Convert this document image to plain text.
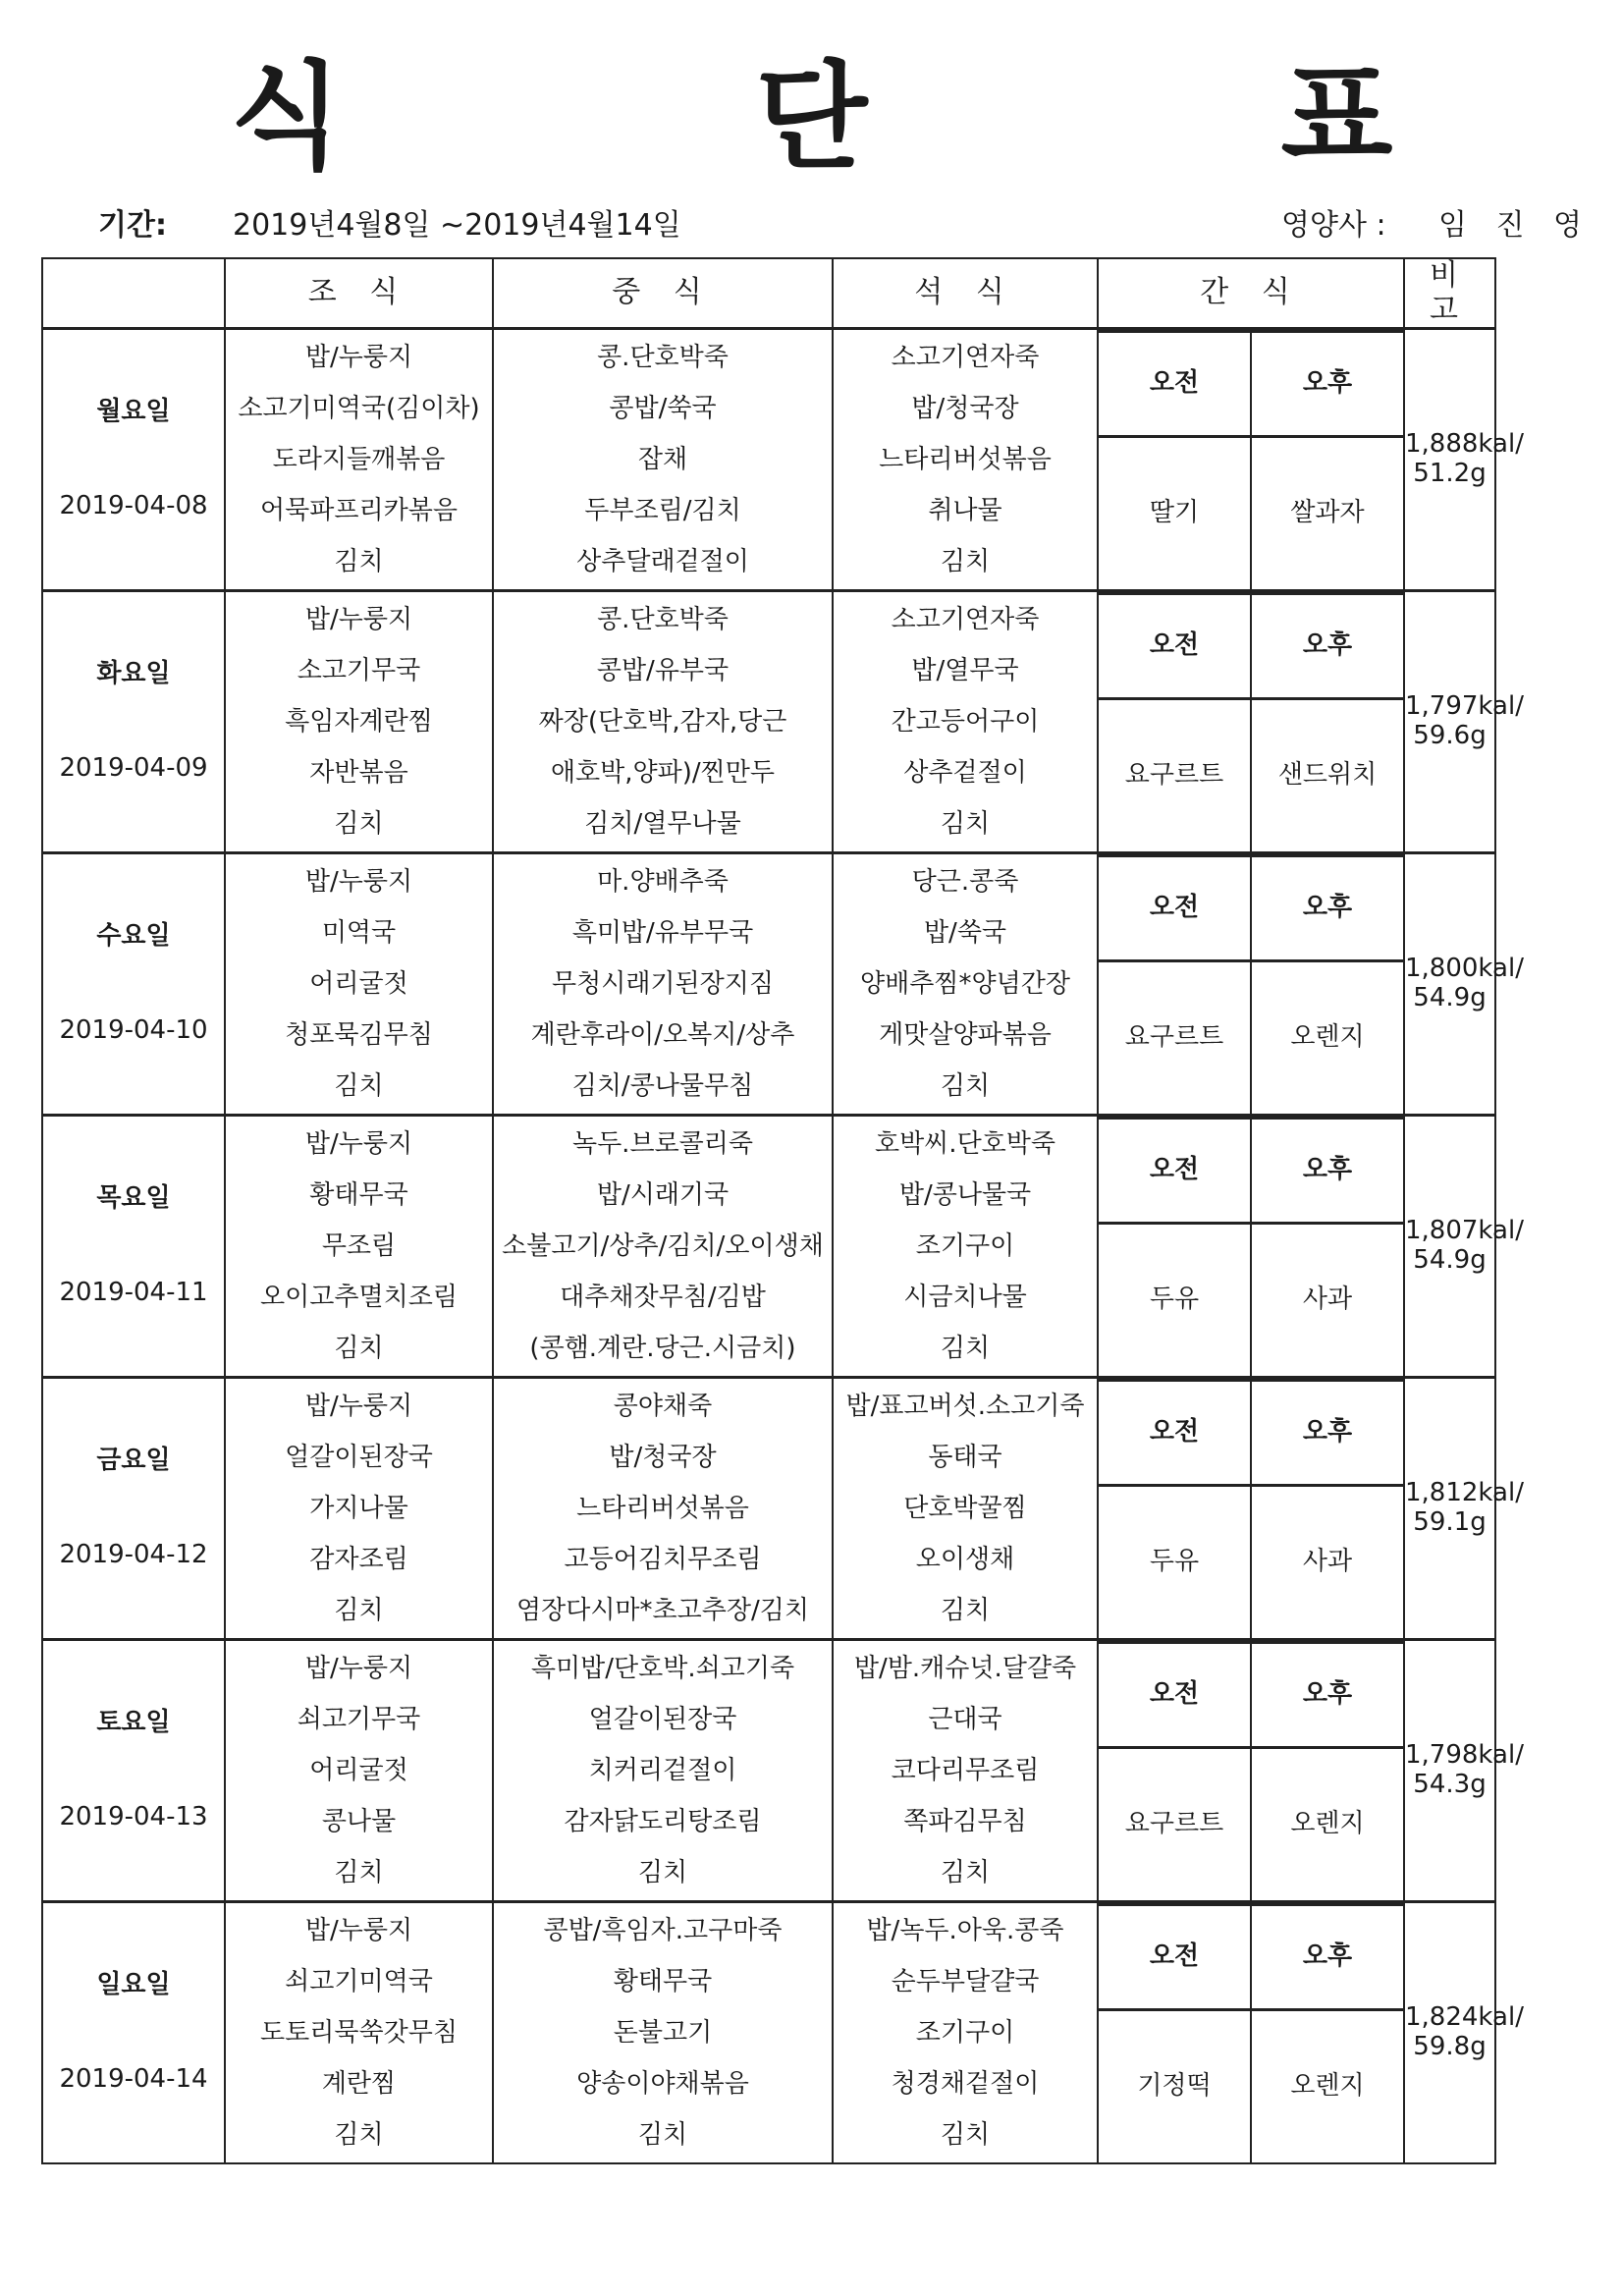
식 단 표
기간: 2019년4월8일 ~2019년4월14일	영양사 : 임 진 영
	조 식	중 식	석 식	간 식	비 고

월요일
2019-04-08

밥/누룽지
소고기미역국(김이차)
도라지들깨볶음
어묵파프리카볶음
김치

콩.단호박죽
콩밥/쑥국
잡채
두부조림/김치
상추달래겉절이

소고기연자죽
밥/청국장
느타리버섯볶음
취나물
김치

오전	오후
딸기	쌀과자
	1,888kal/
51.2g

화요일
2019-04-09

밥/누룽지
소고기무국
흑임자계란찜
자반볶음
김치

콩.단호박죽
콩밥/유부국
짜장(단호박,감자,당근
애호박,양파)/찐만두
김치/열무나물

소고기연자죽
밥/열무국
간고등어구이
상추겉절이
김치

오전	오후
요구르트	샌드위치
	1,797kal/
59.6g

수요일
2019-04-10

밥/누룽지
미역국
어리굴젓
청포묵김무침
김치

마.양배추죽
흑미밥/유부무국
무청시래기된장지짐
계란후라이/오복지/상추
김치/콩나물무침

당근.콩죽
밥/쑥국
양배추찜*양념간장
게맛살양파볶음
김치

오전	오후
요구르트	오렌지
	1,800kal/
54.9g

목요일
2019-04-11

밥/누룽지
황태무국
무조림
오이고추멸치조림
김치

녹두.브로콜리죽
밥/시래기국
소불고기/상추/김치/오이생채
대추채잣무침/김밥
(콩햄.계란.당근.시금치)

호박씨.단호박죽
밥/콩나물국
조기구이
시금치나물
김치

오전	오후
두유	사과
	1,807kal/
54.9g

금요일
2019-04-12

밥/누룽지
얼갈이된장국
가지나물
감자조림
김치

콩야채죽
밥/청국장
느타리버섯볶음
고등어김치무조림
염장다시마*초고추장/김치

밥/표고버섯.소고기죽
동태국
단호박꿀찜
오이생채
김치

오전	오후
두유	사과
	1,812kal/
59.1g

토요일
2019-04-13

밥/누룽지
쇠고기무국
어리굴젓
콩나물
김치

흑미밥/단호박.쇠고기죽
얼갈이된장국
치커리겉절이
감자닭도리탕조림
김치

밥/밤.캐슈넛.달걀죽
근대국
코다리무조림
쪽파김무침
김치

오전	오후
요구르트	오렌지
	1,798kal/
54.3g

일요일
2019-04-14

밥/누룽지
쇠고기미역국
도토리묵쑥갓무침
계란찜
김치

콩밥/흑임자.고구마죽
황태무국
돈불고기
양송이야채볶음
김치

밥/녹두.아욱.콩죽
순두부달걀국
조기구이
청경채겉절이
김치

오전	오후
기정떡	오렌지
	1,824kal/
59.8g
